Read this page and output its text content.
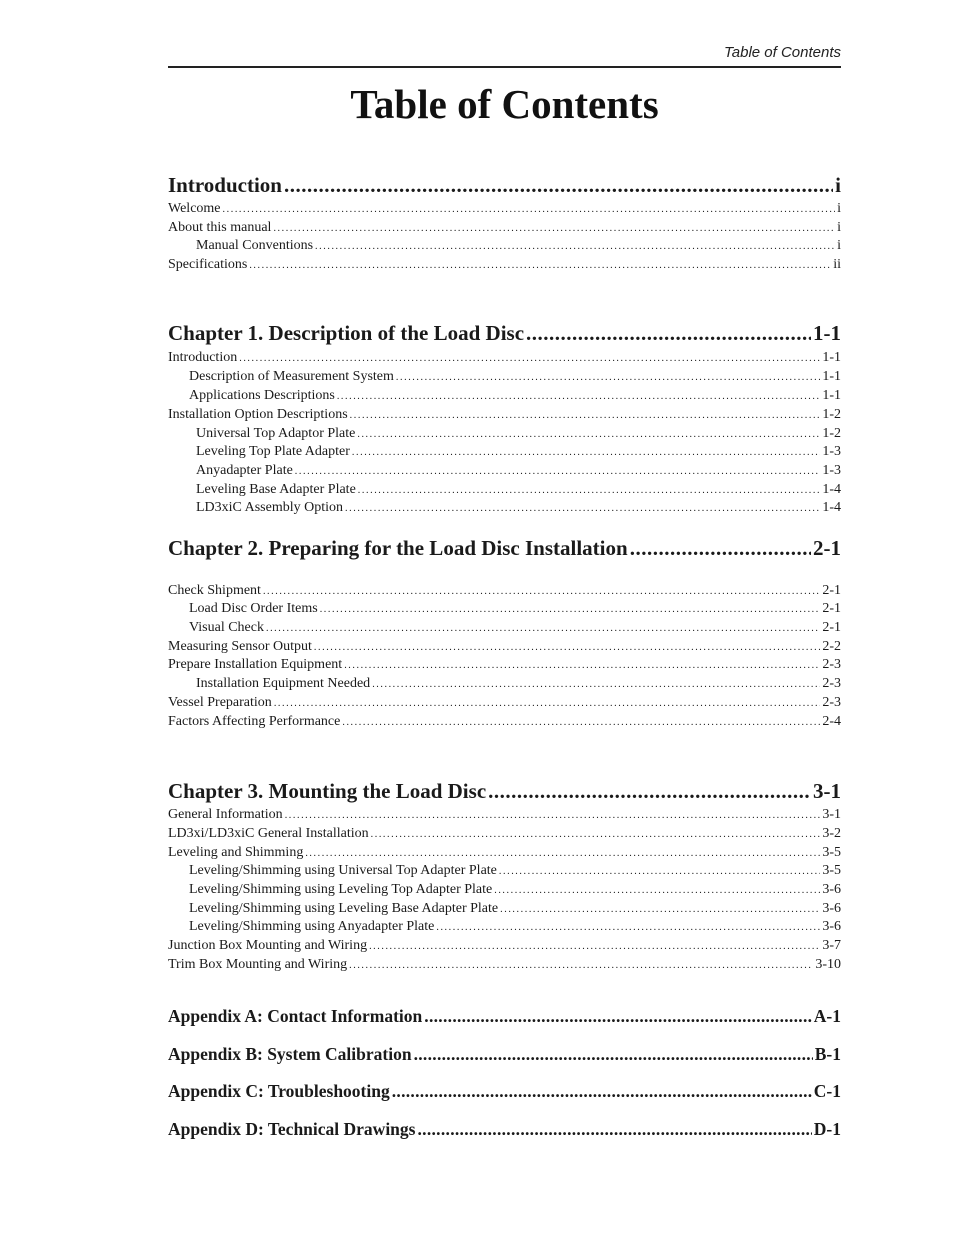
Table of Contents
Table of Contents
Introduction .....	i
Welcome .....	i
About this manual .....	i
Manual Conventions .....	i
Specifications .....	ii
Chapter 1. Description of the Load Disc .....	1-1
Introduction .....	1-1
Description of Measurement System .....	1-1
Applications Descriptions .....	1-1
Installation Option Descriptions .....	1-2
Universal Top Adaptor Plate .....	1-2
Leveling Top Plate Adapter .....	1-3
Anyadapter Plate .....	1-3
Leveling Base Adapter Plate .....	1-4
LD3xiC Assembly Option .....	1-4
Chapter 2. Preparing for the Load Disc Installation .....	2-1
Check Shipment .....	2-1
Load Disc Order Items .....	2-1
Visual Check .....	2-1
Measuring Sensor Output .....	2-2
Prepare Installation Equipment .....	2-3
Installation Equipment Needed .....	2-3
Vessel Preparation .....	2-3
Factors Affecting Performance .....	2-4
Chapter 3. Mounting the Load Disc .....	3-1
General Information .....	3-1
LD3xi/LD3xiC General Installation .....	3-2
Leveling and Shimming .....	3-5
Leveling/Shimming using Universal Top Adapter Plate .....	3-5
Leveling/Shimming using Leveling Top Adapter Plate .....	3-6
Leveling/Shimming using Leveling Base Adapter Plate .....	3-6
Leveling/Shimming using Anyadapter Plate .....	3-6
Junction Box Mounting and Wiring .....	3-7
Trim Box Mounting and Wiring .....	3-10
Appendix A: Contact Information .....	A-1
Appendix B: System Calibration .....	B-1
Appendix C: Troubleshooting .....	C-1
Appendix D: Technical Drawings .....	D-1
